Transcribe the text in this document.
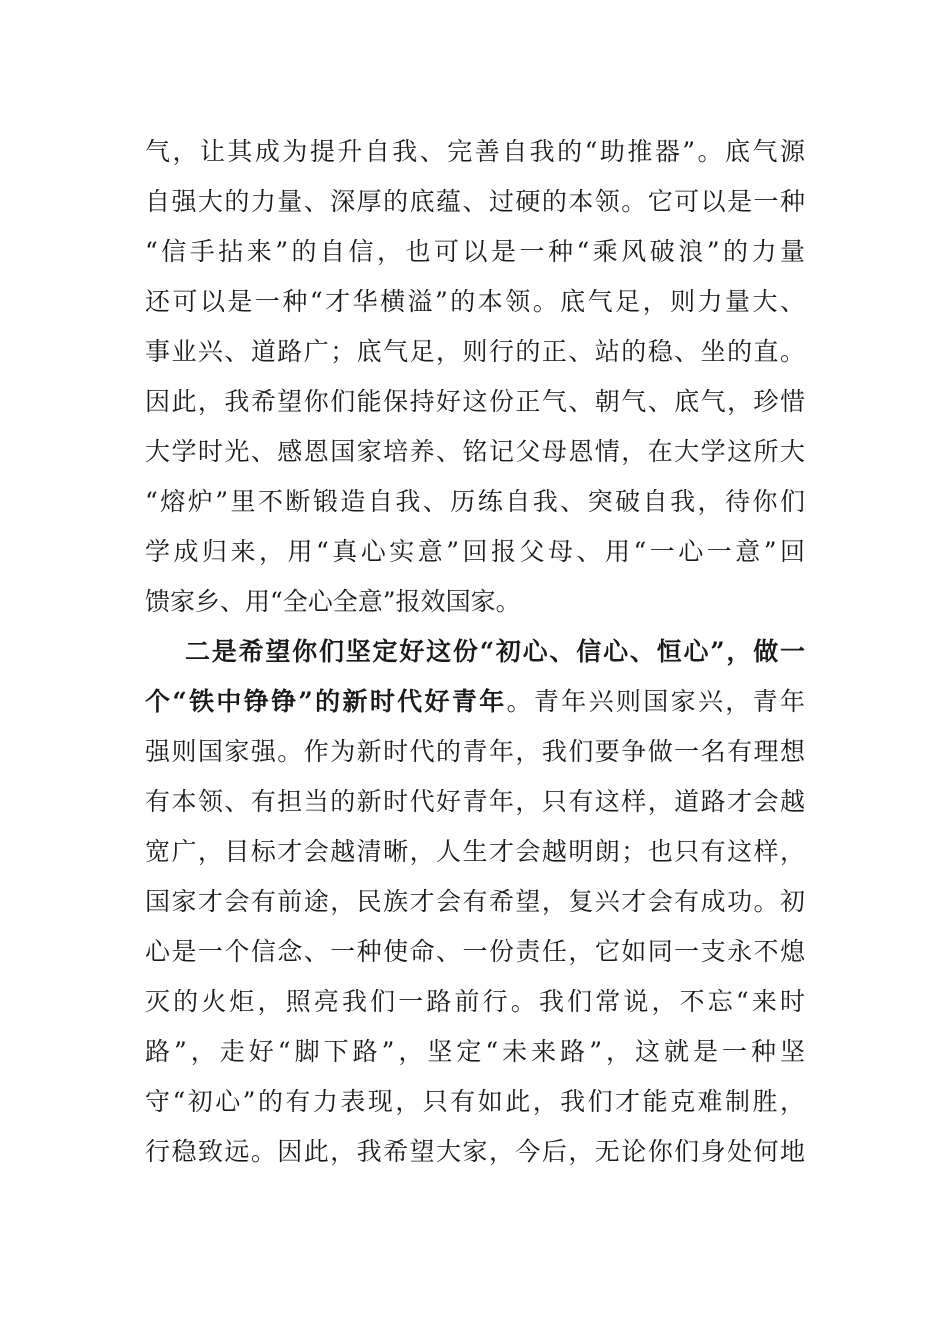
气，让其成为提升自我、完善自我的“助推器”。底气源
自强大的力量、深厚的底蕴、过硬的本领。它可以是一种
“信手拈来”的自信，也可以是一种“乘风破浪”的力量
还可以是一种“才华横溢”的本领。底气足，则力量大、
事业兴、道路广；底气足，则行的正、站的稳、坐的直。
因此，我希望你们能保持好这份正气、朝气、底气，珍惜
大学时光、感恩国家培养、铭记父母恩情，在大学这所大
“熔炉”里不断锻造自我、历练自我、突破自我，待你们
学成归来，用“真心实意”回报父母、用“一心一意”回
馈家乡、用“全心全意”报效国家。
二是希望你们坚定好这份“初心、信心、恒心”，做一
个“铁中铮铮”的新时代好青年。青年兴则国家兴，青年
强则国家强。作为新时代的青年，我们要争做一名有理想
有本领、有担当的新时代好青年，只有这样，道路才会越
宽广，目标才会越清晰，人生才会越明朗；也只有这样，
国家才会有前途，民族才会有希望，复兴才会有成功。初
心是一个信念、一种使命、一份责任，它如同一支永不熄
灭的火炬，照亮我们一路前行。我们常说，不忘“来时
路”，走好“脚下路”，坚定“未来路”，这就是一种坚
守“初心”的有力表现，只有如此，我们才能克难制胜，
行稳致远。因此，我希望大家，今后，无论你们身处何地
